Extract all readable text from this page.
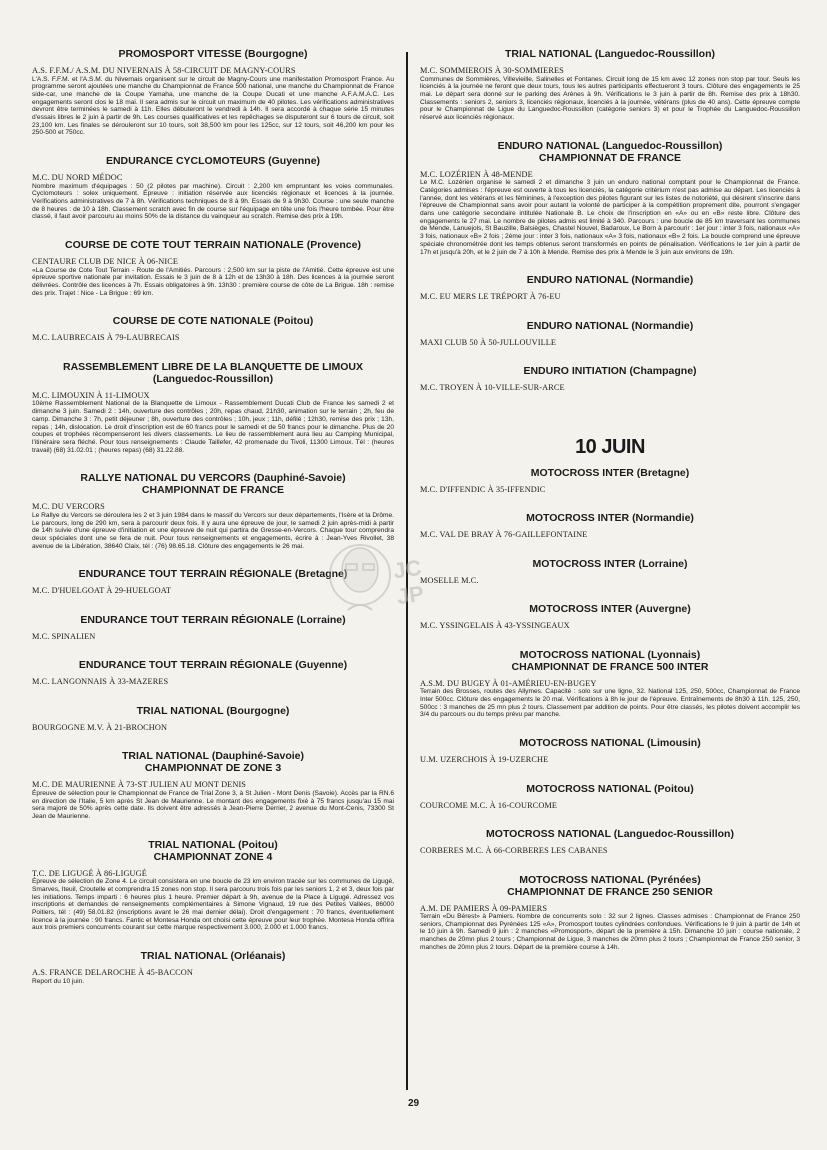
PROMOSPORT VITESSE (Bourgogne)

A.S. F.F.M./ A.S.M. DU NIVERNAIS À 58-CIRCUIT DE MAGNY-COURS

L'A.S. F.F.M. et l'A.S.M. du Nivernais organisent sur le circuit de Magny-Cours une manifestation Promosport France. Au programme seront ajoutées une manche du Championnat de France 500 national, une manche du Championnat de France side-car, une manche de la Coupe Yamaha, une manche de la Coupe Ducati et une manche A.F.A.M.A.C. Les engagements seront clos le 18 mai. Il sera admis sur le circuit un maximum de 40 pilotes. Les vérifications administratives devront être terminées le samedi à 11h. Elles débuteront le vendredi à 14h. Il sera accordé à chaque série 15 minutes d'essais libres le 2 juin à partir de 9h. Les courses qualificatives et les repêchages se disputeront sur 6 tours de circuit, soit 23,100 km. Les finales se dérouleront sur 10 tours, soit 38,500 km pour les 125cc, sur 12 tours, soit 46,200 km pour les 250-500 et 750cc.

ENDURANCE CYCLOMOTEURS (Guyenne)

M.C. DU NORD MÉDOC

Nombre maximum d'équipages : 50 (2 pilotes par machine). Circuit : 2,200 km empruntant les voies communales. Cyclomoteurs : solex uniquement. Épreuve : initiation réservée aux licenciés régionaux et licences à la journée. Vérifications administratives de 7 à 8h. Vérifications techniques de 8 à 9h. Essais de 9 à 9h30. Course : une seule manche de 8 heures : de 10 à 18h. Classement scratch avec fin de course sur l'équipage en tête une fois l'heure tombée. Pour être classé, il faut avoir parcouru au moins 50% de la distance du vainqueur au scratch. Remise des prix à 19h.

COURSE DE COTE TOUT TERRAIN NATIONALE (Provence)

CENTAURE CLUB DE NICE À 06-NICE

«La Course de Cote Tout Terrain - Route de l'Amitiés. Parcours : 2,500 km sur la piste de l'Amitié. Cette épreuve est une épreuve sportive nationale par invitation. Essais le 3 juin de 8 à 12h et de 13h30 à 18h. Des licences à la journée seront délivrées. Contrôle des licences à 7h. Essais obligatoires à 9h. 13h30 : première course de côte de La Brigue. 18h : remise des prix. Trajet : Nice - La Brigue : 69 km.

COURSE DE COTE NATIONALE (Poitou)

M.C. LAUBRECAIS À 79-LAUBRECAIS

RASSEMBLEMENT LIBRE DE LA BLANQUETTE DE LIMOUX (Languedoc-Roussillon)

M.C. LIMOUXIN À 11-LIMOUX

10ème Rassemblement National de la Blanquette de Limoux - Rassemblement Ducati Club de France les samedi 2 et dimanche 3 juin. Samedi 2 : 14h, ouverture des contrôles ; 20h, repas chaud, 21h30, animation sur le terrain ; 2h, feu de camp. Dimanche 3 : 7h, petit déjeuner ; 8h, ouverture des contrôles ; 10h, jeux ; 11h, défilé ; 12h30, remise des prix ; 13h, repas ; 14h, dislocation. Le droit d'inscription est de 60 francs pour le samedi et de 50 francs pour le dimanche. Plus de 20 coupes et trophées récompenseront les divers classements. Le lieu de rassemblement aura lieu au Camping Municipal, l'itinéraire sera fléché. Pour tous renseignements : Claude Taillefer, 42 promenade du Tivoli, 11300 Limoux. Tél : (heures travail) (68) 31.02.01 ; (heures repas) (68) 31.22.88.

RALLYE NATIONAL DU VERCORS (Dauphiné-Savoie)
CHAMPIONNAT DE FRANCE

M.C. DU VERCORS

Le Rallye du Vercors se déroulera les 2 et 3 juin 1984 dans le massif du Vercors sur deux départements, l'Isère et la Drôme. Le parcours, long de 290 km, sera à parcourir deux fois. Il y aura une épreuve de jour, le samedi 2 juin après-midi à partir de 14h suivie d'une épreuve d'initiation et une épreuve de nuit qui partira de Gresse-en-Vercors. Chaque tour comprendra deux spéciales dont une se fera de nuit. Pour tous renseignements et engagements, écrire à : Jean-Yves Rivollet, 38 avenue de la Libération, 38640 Claix, tél : (76) 98.65.18. Clôture des engagements le 26 mai.

ENDURANCE TOUT TERRAIN RÉGIONALE (Bretagne)

M.C. D'HUELGOAT À 29-HUELGOAT

ENDURANCE TOUT TERRAIN RÉGIONALE (Lorraine)

M.C. SPINALIEN

ENDURANCE TOUT TERRAIN RÉGIONALE (Guyenne)

M.C. LANGONNAIS À 33-MAZERES

TRIAL NATIONAL (Bourgogne)

BOURGOGNE M.V. À 21-BROCHON

TRIAL NATIONAL (Dauphiné-Savoie)
CHAMPIONNAT DE ZONE 3

M.C. DE MAURIENNE À 73-ST JULIEN AU MONT DENIS

Épreuve de sélection pour le Championnat de France de Trial Zone 3, à St Julien - Mont Denis (Savoie). Accès par la RN.6 en direction de l'Italie, 5 km après St Jean de Maurienne. Le montant des engagements fixé à 75 francs jusqu'au 15 mai sera majoré de 50% après cette date. Ils doivent être adressés à Jean-Pierre Derrier, 2 avenue du Mont-Cenis, 73300 St Jean de Maurienne.

TRIAL NATIONAL (Poitou)
CHAMPIONNAT ZONE 4

T.C. DE LIGUGÉ À 86-LIGUGÉ

Épreuve de sélection de Zone 4. Le circuit consistera en une boucle de 23 km environ tracée sur les communes de Ligugé, Smarves, Iteuil, Croutelle et comprendra 15 zones non stop. Il sera parcouru trois fois par les seniors 1, 2 et 3, deux fois par les initiations. Temps imparti : 6 heures plus 1 heure. Premier départ à 9h, avenue de la Place à Ligugé. Adressez vos inscriptions et demandes de renseignements complémentaires à Simone Vignaud, 19 rue des Petites Vallées, 86000 Poitiers, tél : (49) 58.01.82 (inscriptions avant le 26 mai dernier délai). Droit d'engagement : 70 francs, éventuellement licence à la journée : 90 francs. Fantic et Montesa Honda ont choisi cette épreuve pour leur trophée. Montesa Honda offrira aux trois premiers concurrents courant sur cette marque respectivement 3.000, 2.000 et 1.000 francs.

TRIAL NATIONAL (Orléanais)

A.S. FRANCE DELAROCHE À 45-BACCON

Report du 10 juin.

TRIAL NATIONAL (Languedoc-Roussillon)

M.C. SOMMIEROIS À 30-SOMMIERES

Communes de Sommières, Villevieille, Salinelles et Fontanes. Circuit long de 15 km avec 12 zones non stop par tour. Seuls les licenciés à la journée ne feront que deux tours, tous les autres participants effectueront 3 tours. Clôture des engagements le 25 mai. Le départ sera donné sur le parking des Arènes à 9h. Vérifications le 3 juin à partir de 8h. Remise des prix à 18h30. Classements : seniors 2, seniors 3, licenciés régionaux, licenciés à la journée, vétérans (plus de 40 ans). Cette épreuve compte pour le Championnat de Ligue du Languedoc-Roussillon (catégorie seniors 3) et pour le Trophée du Languedoc-Roussillon réservé aux licenciés régionaux.

ENDURO NATIONAL (Languedoc-Roussillon)
CHAMPIONNAT DE FRANCE

M.C. LOZÉRIEN À 48-MENDE

Le M.C. Lozérien organise le samedi 2 et dimanche 3 juin un enduro national comptant pour le Championnat de France. Catégories admises : l'épreuve est ouverte à tous les licenciés, la catégorie critérium n'est pas admise au départ. Les licenciés à l'année, dont les vétérans et les féminines, à l'exception des pilotes figurant sur les listes de notoriété, qui désirent s'inscrire dans l'épreuve de Championnat sans avoir pour autant la volonté de participer à la compétition proprement dite, pourront s'engager dans une catégorie secondaire intitulée Nationale B. Le choix de l'inscription en «A» ou en «B» reste libre. Clôture des engagements le 27 mai. Le nombre de pilotes admis est limité à 340. Parcours : une boucle de 85 km traversant les communes de Mende, Lanuejols, St Bauzille, Balsièges, Chastel Nouvel, Badaroux, Le Born à parcourir : 1er jour : inter 3 fois, nationaux «A» 3 fois, nationaux «B» 2 fois ; 2ème jour : inter 3 fois, nationaux «A» 3 fois, nationaux «B» 2 fois. La boucle comprend une épreuve spéciale chronométrée dont les temps obtenus seront transformés en points de pénalisation. Vérifications le 1er juin à partir de 17h et jusqu'à 20h, et le 2 juin de 7 à 10h à Mende. Remise des prix à Mende le 3 juin aux environs de 19h.

ENDURO NATIONAL (Normandie)

M.C. EU MERS LE TRÉPORT À 76-EU

ENDURO NATIONAL (Normandie)

MAXI CLUB 50 À 50-JULLOUVILLE

ENDURO INITIATION (Champagne)

M.C. TROYEN À 10-VILLE-SUR-ARCE

10 JUIN
MOTOCROSS INTER (Bretagne)

M.C. D'IFFENDIC À 35-IFFENDIC

MOTOCROSS INTER (Normandie)

M.C. VAL DE BRAY À 76-GAILLEFONTAINE

MOTOCROSS INTER (Lorraine)

MOSELLE M.C.

MOTOCROSS INTER (Auvergne)

M.C. YSSINGELAIS À 43-YSSINGEAUX

MOTOCROSS NATIONAL (Lyonnais)
CHAMPIONNAT DE FRANCE 500 INTER

A.S.M. DU BUGEY À 01-AMÉRIEU-EN-BUGEY

Terrain des Brosses, routes des Allymes. Capacité : solo sur une ligne, 32. National 125, 250, 500cc, Championnat de France Inter 500cc. Clôture des engagements le 20 mai. Vérifications à 8h le jour de l'épreuve. Entraînements de 8h30 à 11h. 125, 250, 500cc : 3 manches de 25 mn plus 2 tours. Classement par addition de points. Pour être classés, les pilotes doivent accomplir les 3/4 du parcours ou du temps prévu par manche.

MOTOCROSS NATIONAL (Limousin)

U.M. UZERCHOIS À 19-UZERCHE

MOTOCROSS NATIONAL (Poitou)

COURCOME M.C. À 16-COURCOME

MOTOCROSS NATIONAL (Languedoc-Roussillon)

CORBERES M.C. À 66-CORBERES LES CABANES

MOTOCROSS NATIONAL (Pyrénées)
CHAMPIONNAT DE FRANCE 250 SENIOR

A.M. DE PAMIERS À 09-PAMIERS

Terrain «Du Bérest» à Pamiers. Nombre de concurrents solo : 32 sur 2 lignes. Classes admises : Championnat de France 250 seniors, Championnat des Pyrénées 125 «A», Promosport toutes cylindrées confondues. Vérifications le 9 juin à partir de 14h et le 10 juin à 9h. Samedi 9 juin : 2 manches «Promosport», départ de la première à 15h. Dimanche 10 juin : course nationale, 2 manches de 20mn plus 2 tours ; Championnat de Ligue, 3 manches de 20mn plus 2 tours ; Championnat de France 250 senior, 3 manches de 20mn plus 2 tours. Départ de la première course à 14h.

JC JP
29
